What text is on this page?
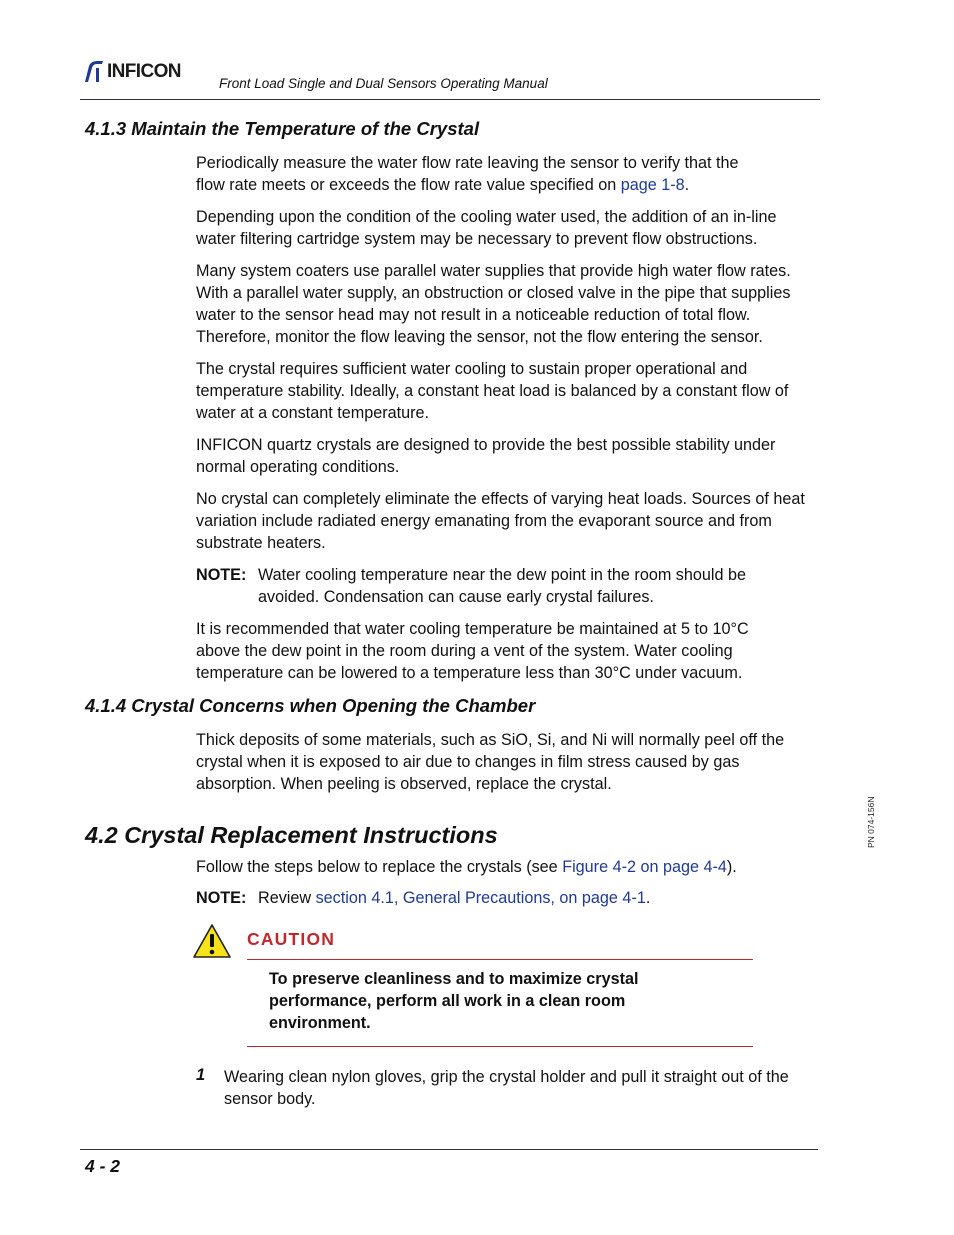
INFICON
Front Load Single and Dual Sensors Operating Manual
4.1.3 Maintain the Temperature of the Crystal

Periodically measure the water flow rate leaving the sensor to verify that the flow rate meets or exceeds the flow rate value specified on page 1-8.

Depending upon the condition of the cooling water used, the addition of an in-line water filtering cartridge system may be necessary to prevent flow obstructions.

Many system coaters use parallel water supplies that provide high water flow rates. With a parallel water supply, an obstruction or closed valve in the pipe that supplies water to the sensor head may not result in a noticeable reduction of total flow. Therefore, monitor the flow leaving the sensor, not the flow entering the sensor.

The crystal requires sufficient water cooling to sustain proper operational and temperature stability. Ideally, a constant heat load is balanced by a constant flow of water at a constant temperature.

INFICON quartz crystals are designed to provide the best possible stability under normal operating conditions.

No crystal can completely eliminate the effects of varying heat loads. Sources of heat variation include radiated energy emanating from the evaporant source and from substrate heaters.

NOTE: Water cooling temperature near the dew point in the room should be avoided. Condensation can cause early crystal failures.

It is recommended that water cooling temperature be maintained at 5 to 10°C above the dew point in the room during a vent of the system. Water cooling temperature can be lowered to a temperature less than 30°C under vacuum.

4.1.4 Crystal Concerns when Opening the Chamber

Thick deposits of some materials, such as SiO, Si, and Ni will normally peel off the crystal when it is exposed to air due to changes in film stress caused by gas absorption. When peeling is observed, replace the crystal.

4.2 Crystal Replacement Instructions

Follow the steps below to replace the crystals (see Figure 4-2 on page 4-4).

NOTE: Review section 4.1, General Precautions, on page 4-1.
CAUTION
To preserve cleanliness and to maximize crystal performance, perform all work in a clean room environment.
1 Wearing clean nylon gloves, grip the crystal holder and pull it straight out of the sensor body.
4 - 2
PN 074-156N
